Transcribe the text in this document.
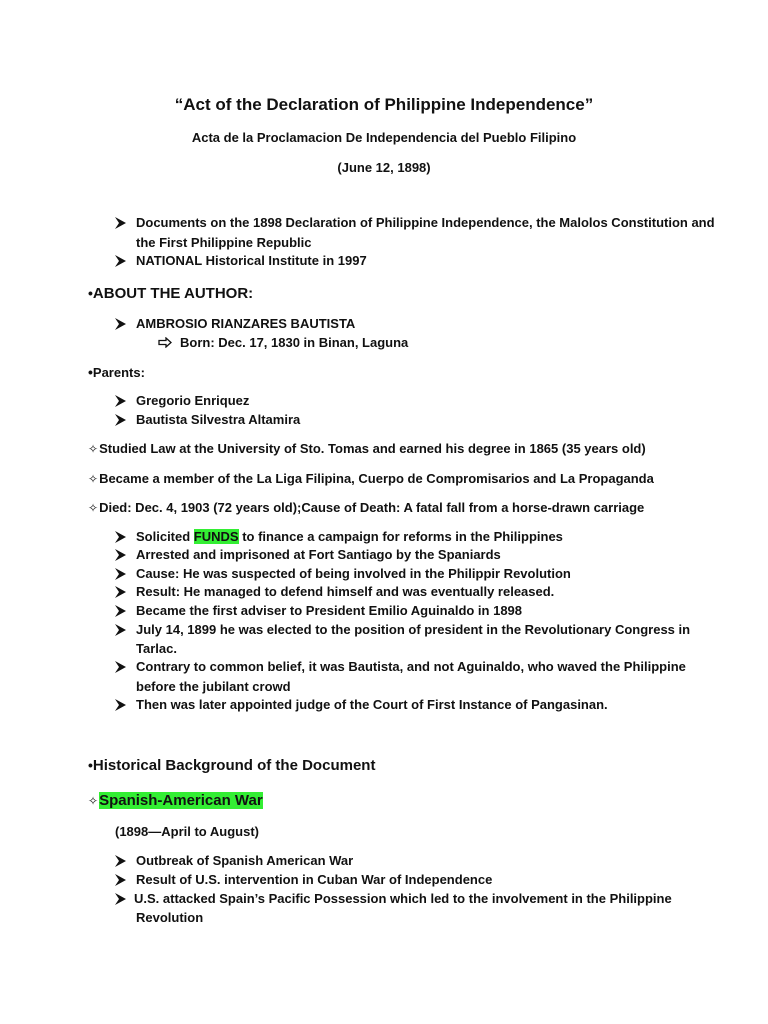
“Act of the Declaration of Philippine Independence”
Acta de la Proclamacion De Independencia del Pueblo Filipino
(June 12, 1898)
Documents on the 1898 Declaration of Philippine Independence, the Malolos Constitution and
the First Philippine Republic
NATIONAL Historical Institute in 1997
•ABOUT THE AUTHOR:
AMBROSIO RIANZARES BAUTISTA
Born: Dec. 17, 1830 in Binan, Laguna
•Parents:
Gregorio Enriquez
Bautista Silvestra Altamira
✧Studied Law at the University of Sto. Tomas and earned his degree in 1865 (35 years old)
✧Became a member of the La Liga Filipina, Cuerpo de Compromisarios and La Propaganda
✧Died: Dec. 4, 1903 (72 years old);Cause of Death: A fatal fall from a horse-drawn carriage
Solicited FUNDS to finance a campaign for reforms in the Philippines
Arrested and imprisoned at Fort Santiago by the Spaniards
Cause: He was suspected of being involved in the Philippir Revolution
Result: He managed to defend himself and was eventually released.
Became the first adviser to President Emilio Aguinaldo in 1898
July 14, 1899 he was elected to the position of president in the Revolutionary Congress in
Tarlac.
Contrary to common belief, it was Bautista, and not Aguinaldo, who waved the Philippine
before the jubilant crowd
Then was later appointed judge of the Court of First Instance of Pangasinan.
•Historical Background of the Document
✧Spanish-American War
(1898—April to August)
Outbreak of Spanish American War
Result of U.S. intervention in Cuban War of Independence
U.S. attacked Spain’s Pacific Possession which led to the involvement in the Philippine
Revolution
